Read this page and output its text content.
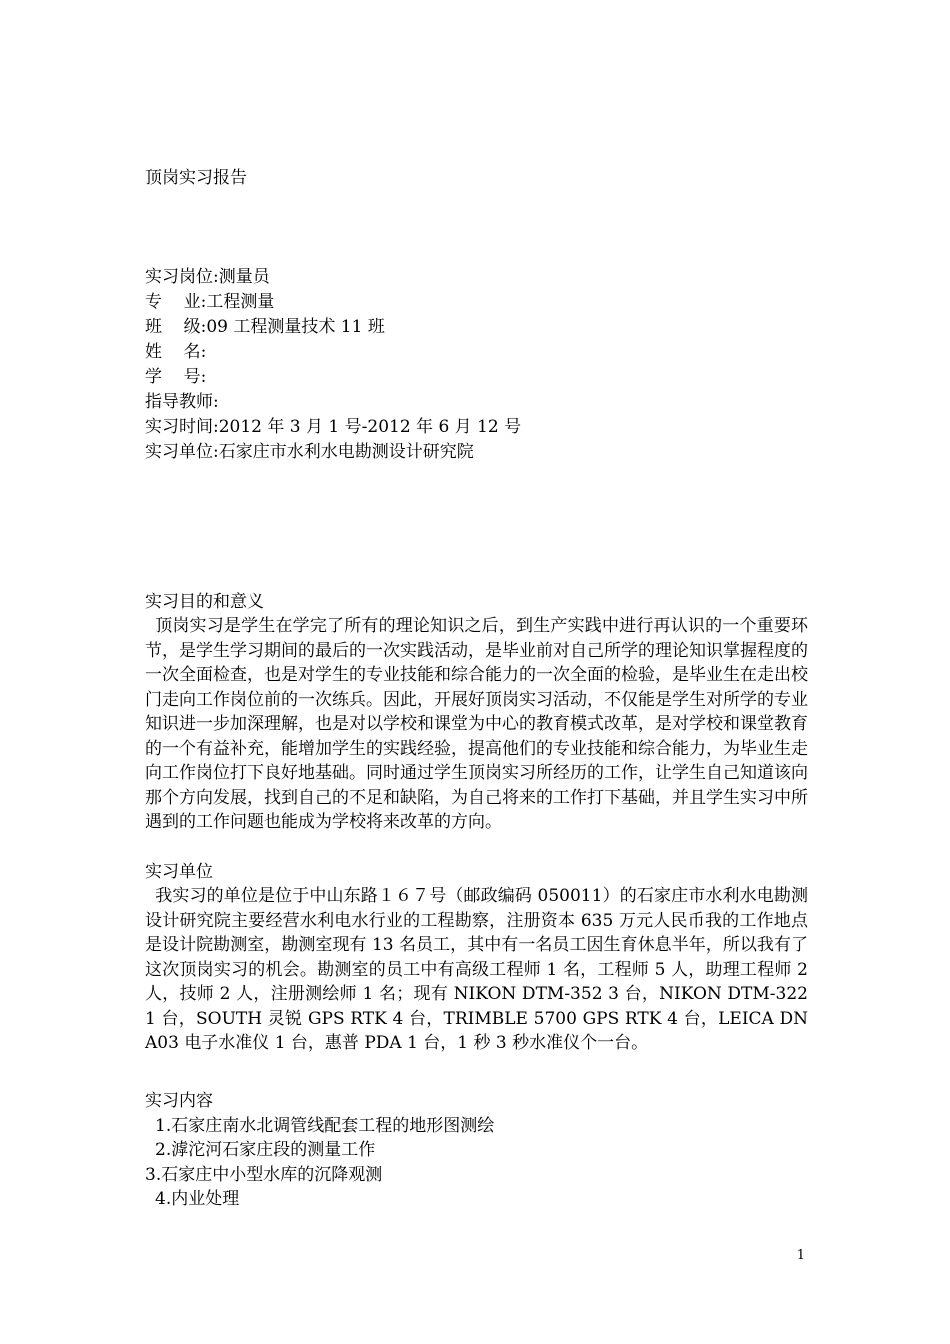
顶岗实习报告
实习岗位:测量员
专    业:工程测量
班    级:09 工程测量技术 11 班
姓    名:
学    号:
指导教师:
实习时间:2012 年 3 月 1 号-2012 年 6 月 12 号
实习单位:石家庄市水利水电勘测设计研究院
实习目的和意义
顶岗实习是学生在学完了所有的理论知识之后，到生产实践中进行再认识的一个重要环节，是学生学习期间的最后的一次实践活动，是毕业前对自己所学的理论知识掌握程度的一次全面检查，也是对学生的专业技能和综合能力的一次全面的检验，是毕业生在走出校门走向工作岗位前的一次练兵。因此，开展好顶岗实习活动，不仅能是学生对所学的专业知识进一步加深理解，也是对以学校和课堂为中心的教育模式改革，是对学校和课堂教育的一个有益补充，能增加学生的实践经验，提高他们的专业技能和综合能力，为毕业生走向工作岗位打下良好地基础。同时通过学生顶岗实习所经历的工作，让学生自己知道该向那个方向发展，找到自己的不足和缺陷，为自己将来的工作打下基础，并且学生实习中所遇到的工作问题也能成为学校将来改革的方向。
实习单位
我实习的单位是位于中山东路１６７号（邮政编码 050011）的石家庄市水利水电勘测设计研究院主要经营水利电水行业的工程勘察，注册资本 635 万元人民币我的工作地点是设计院勘测室，勘测室现有 13 名员工，其中有一名员工因生育休息半年，所以我有了这次顶岗实习的机会。勘测室的员工中有高级工程师 1 名，工程师 5 人，助理工程师 2 人，技师 2 人，注册测绘师 1 名；现有 NIKON DTM-352 3 台，NIKON DTM-322 1 台，SOUTH 灵锐 GPS RTK 4 台，TRIMBLE 5700 GPS RTK 4 台，LEICA DNA03 电子水准仪 1 台，惠普 PDA 1 台，1 秒 3 秒水准仪个一台。
实习内容
1.石家庄南水北调管线配套工程的地形图测绘
2.滹沱河石家庄段的测量工作
3.石家庄中小型水库的沉降观测
4.内业处理
1
